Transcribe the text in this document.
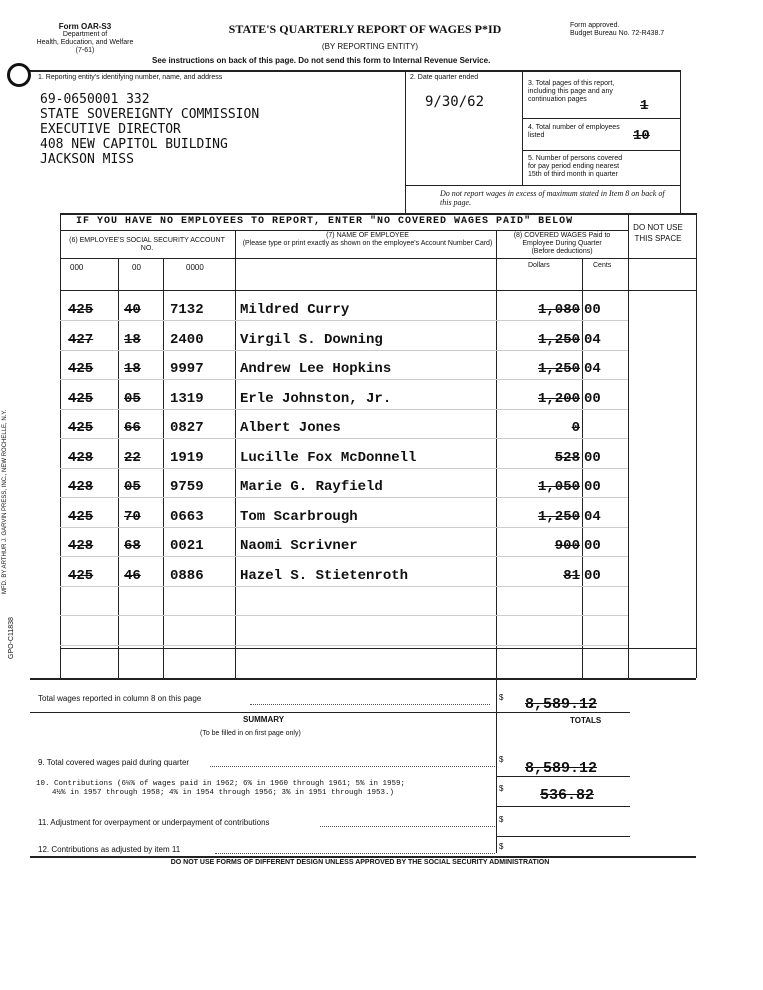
Form OAR-S3
Department of
Health, Education, and Welfare
(7-61)
STATE'S QUARTERLY REPORT OF WAGES P*ID
(BY REPORTING ENTITY)
Form approved.
Budget Bureau No. 72-R438.7
See instructions on back of this page. Do not send this form to Internal Revenue Service.
1. Reporting entity's identifying number, name, and address
69-0650001 332
STATE SOVEREIGNTY COMMISSION
EXECUTIVE DIRECTOR
408 NEW CAPITOL BUILDING
JACKSON MISS
2. Date quarter ended
9/30/62
3. Total pages of this report, including this page and any continuation pages	1
4. Total number of employees listed	10
5. Number of persons covered for pay period ending nearest 15th of third month in quarter
Do not report wages in excess of maximum stated in Item 8 on back of this page.
IF YOU HAVE NO EMPLOYEES TO REPORT, ENTER "NO COVERED WAGES PAID" BELOW
DO NOT USE THIS SPACE
(6) EMPLOYEE'S SOCIAL SECURITY ACCOUNT NO.
(7) NAME OF EMPLOYEE
(Please type or print exactly as shown on the employee's Account Number Card)
(8) COVERED WAGES Paid to
Employee During Quarter
(Before deductions)
000	00	0000	Dollars	Cents
425	40	7132	Mildred Curry	1,080 00
427	18	2400	Virgil S. Downing	1,250 04
425	18	9997	Andrew Lee Hopkins	1,250 04
425	05	1319	Erle Johnston, Jr.	1,200 00
425	66	0827	Albert Jones	0
428	22	1919	Lucille Fox McDonnell	528 00
428	05	9759	Marie G. Rayfield	1,050 00
425	70	0663	Tom Scarbrough	1,250 04
428	68	0021	Naomi Scrivner	900 00
425	46	0886	Hazel S. Stietenroth	81 00
Total wages reported in column 8 on this page	$ 8,589.12
SUMMARY
(To be filled in on first page only)
TOTALS
9. Total covered wages paid during quarter	$
8,589.12
10. Contributions (6¼% of wages paid in 1962; 6% in 1960 through 1961; 5% in 1959;
4½% in 1957 through 1958; 4% in 1954 through 1956; 3% in 1951 through 1953.)	$ 536.82
11. Adjustment for overpayment or underpayment of contributions	$
12. Contributions as adjusted by item 11	$
DO NOT USE FORMS OF DIFFERENT DESIGN UNLESS APPROVED BY THE SOCIAL SECURITY ADMINISTRATION
MFD. BY ARTHUR J. GARVIN PRESS, INC., NEW ROCHELLE, N.Y.
GPO-C11838
